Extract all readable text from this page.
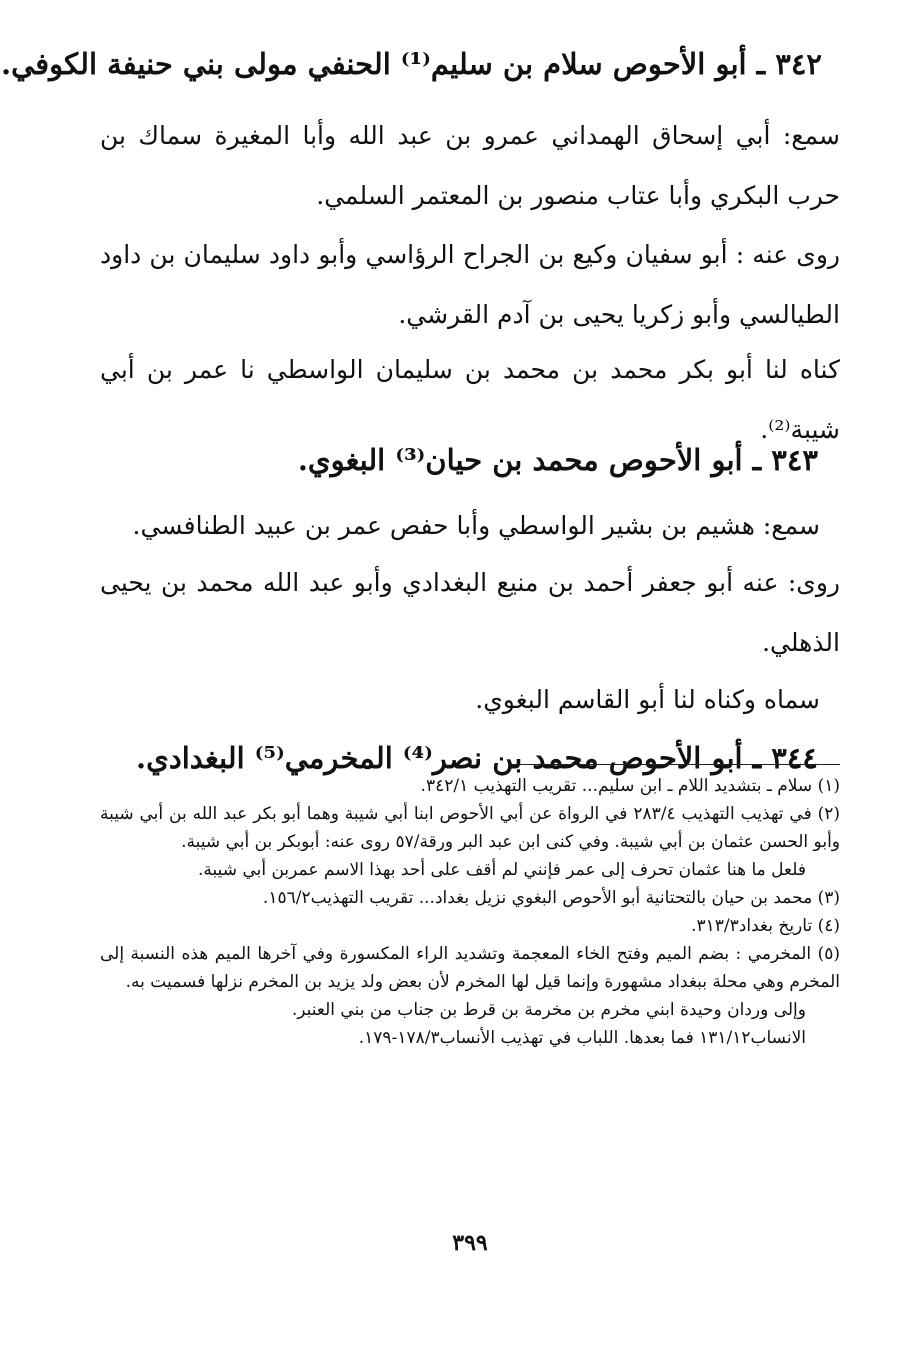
٣٤٢ ـ أبو الأحوص سلام بن سليم⁽¹⁾ الحنفي مولى بني حنيفة الكوفي.

سمع: أبي إسحاق الهمداني عمرو بن عبد الله وأبا المغيرة سماك بن حرب البكري وأبا عتاب منصور بن المعتمر السلمي.

روى عنه : أبو سفيان وكيع بن الجراح الرؤاسي وأبو داود سليمان بن داود الطيالسي وأبو زكريا يحيى بن آدم القرشي.

كناه لنا أبو بكر محمد بن محمد بن سليمان الواسطي نا عمر بن أبي شيبة⁽²⁾.

٣٤٣ ـ أبو الأحوص محمد بن حيان⁽³⁾ البغوي.

سمع: هشيم بن بشير الواسطي وأبا حفص عمر بن عبيد الطنافسي.

روى: عنه أبو جعفر أحمد بن منيع البغدادي وأبو عبد الله محمد بن يحيى الذهلي.

سماه وكناه لنا أبو القاسم البغوي.

٣٤٤ ـ أبو الأحوص محمد بن نصر⁽⁴⁾ المخرمي⁽⁵⁾ البغدادي.

(١) سلام ـ بتشديد اللام ـ ابن سليم... تقريب التهذيب ٣٤٢/١.

(٢) في تهذيب التهذيب ٢٨٣/٤ في الرواة عن أبي الأحوص ابنا أبي شيبة وهما أبو بكر عبد الله بن أبي شيبة وأبو الحسن عثمان بن أبي شيبة. وفي كنى ابن عبد البر ورقة/٥٧ روى عنه: أبوبكر بن أبي شيبة.

فلعل ما هنا عثمان تحرف إلى عمر فإنني لم أقف على أحد بهذا الاسم عمربن أبي شيبة.

(٣) محمد بن حيان بالتحتانية أبو الأحوص البغوي نزيل بغداد... تقريب التهذيب١٥٦/٢.

(٤) تاريخ بغداد٣١٣/٣.

(٥) المخرمي : بضم الميم وفتح الخاء المعجمة وتشديد الراء المكسورة وفي آخرها الميم هذه النسبة إلى المخرم وهي محلة ببغداد مشهورة وإنما قيل لها المخرم لأن بعض ولد يزيد بن المخرم نزلها فسميت به.

وإلى وردان وحيدة ابني مخرم بن مخرمة بن قرط بن جناب من بني العنبر.

الانساب١٣١/١٢ فما بعدها. اللباب في تهذيب الأنساب١٧٨/٣-١٧٩.

٣٩٩
